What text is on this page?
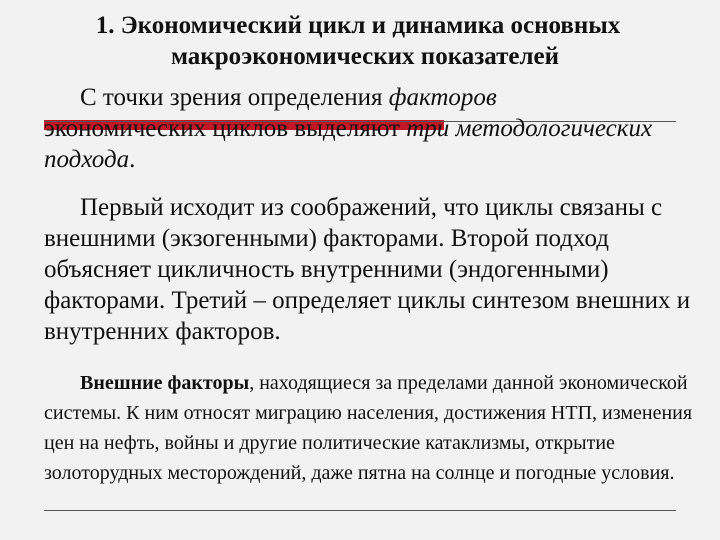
1. Экономический цикл и динамика основных
макроэкономических показателей
С точки зрения определения факторов
экономических циклов выделяют три методологических подхода.
Первый исходит из соображений, что циклы связаны с внешними (экзогенными) факторами. Второй подход объясняет цикличность внутренними (эндогенными) факторами. Третий – определяет циклы синтезом внешних и внутренних факторов.
Внешние факторы, находящиеся за пределами данной экономической системы. К ним относят миграцию населения, достижения НТП, изменения цен на нефть, войны и другие политические катаклизмы, открытие золоторудных месторождений, даже пятна на солнце и погодные условия.
